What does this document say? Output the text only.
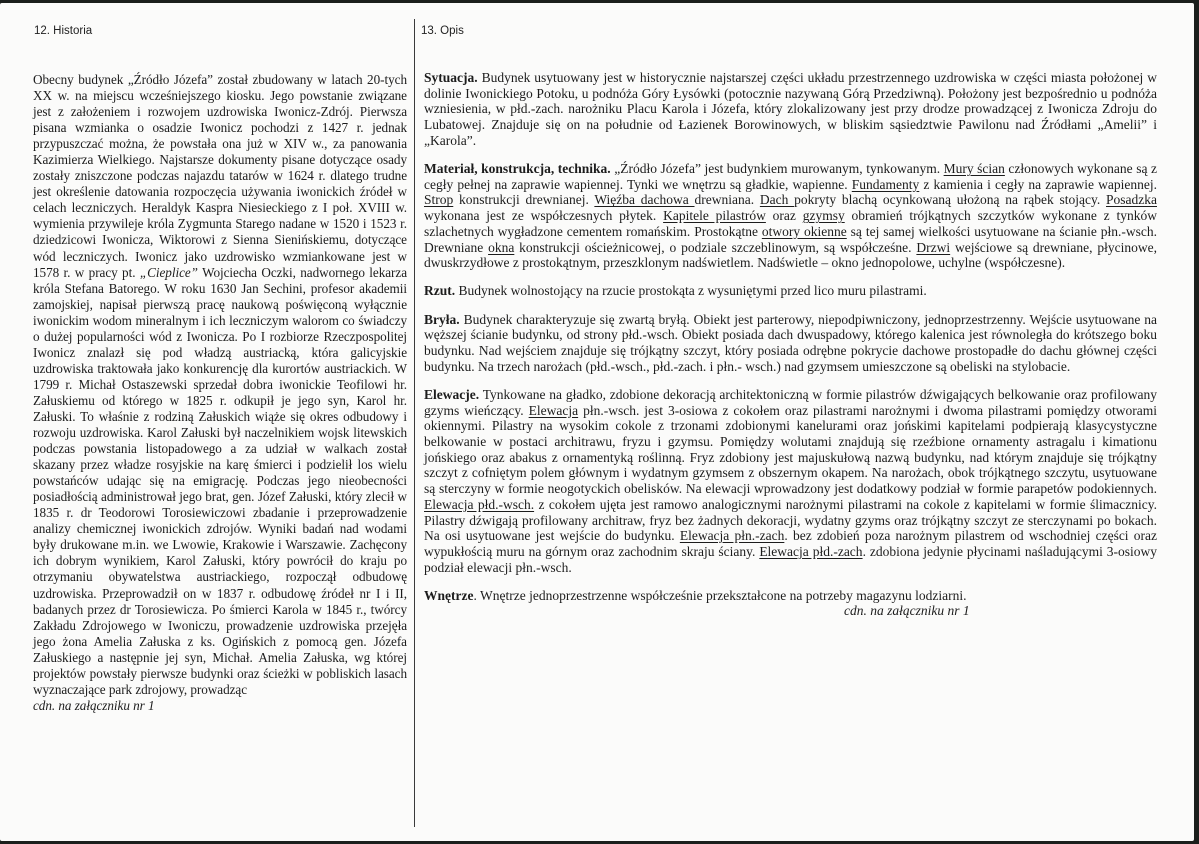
12. Historia	13. Opis

Obecny budynek „Źródło Józefa” został zbudowany w latach 20-tych XX w. na miejscu wcześniejszego kiosku. Jego powstanie związane jest z założeniem i rozwojem uzdrowiska Iwonicz-Zdrój. Pierwsza pisana wzmianka o osadzie Iwonicz pochodzi z 1427 r. jednak przypuszczać można, że powstała ona już w XIV w., za panowania Kazimierza Wielkiego. Najstarsze dokumenty pisane dotyczące osady zostały zniszczone podczas najazdu tatarów w 1624 r. dlatego trudne jest określenie datowania rozpoczęcia używania iwonickich źródeł w celach leczniczych. Heraldyk Kaspra Niesieckiego z I poł. XVIII w. wymienia przywileje króla Zygmunta Starego nadane w 1520 i 1523 r. dziedzicowi Iwonicza, Wiktorowi z Sienna Sienińskiemu, dotyczące wód leczniczych. Iwonicz jako uzdrowisko wzmiankowane jest w 1578 r. w pracy pt. „Cieplice” Wojciecha Oczki, nadwornego lekarza króla Stefana Batorego. W roku 1630 Jan Sechini, profesor akademii zamojskiej, napisał pierwszą pracę naukową poświęconą wyłącznie iwonickim wodom mineralnym i ich leczniczym walorom co świadczy o dużej popularności wód z Iwonicza. Po I rozbiorze Rzeczpospolitej Iwonicz znalazł się pod władzą austriacką, która galicyjskie uzdrowiska traktowała jako konkurencję dla kurortów austriackich. W 1799 r. Michał Ostaszewski sprzedał dobra iwonickie Teofilowi hr. Załuskiemu od którego w 1825 r. odkupił je jego syn, Karol hr. Załuski. To właśnie z rodziną Załuskich wiąże się okres odbudowy i rozwoju uzdrowiska. Karol Załuski był naczelnikiem wojsk litewskich podczas powstania listopadowego a za udział w walkach został skazany przez władze rosyjskie na karę śmierci i podzielił los wielu powstańców udając się na emigrację. Podczas jego nieobecności posiadłością administrował jego brat, gen. Józef Załuski, który zlecił w 1835 r. dr Teodorowi Torosiewiczowi zbadanie i przeprowadzenie analizy chemicznej iwonickich zdrojów. Wyniki badań nad wodami były drukowane m.in. we Lwowie, Krakowie i Warszawie. Zachęcony ich dobrym wynikiem, Karol Załuski, który powrócił do kraju po otrzymaniu obywatelstwa austriackiego, rozpoczął odbudowę uzdrowiska. Przeprowadził on w 1837 r. odbudowę źródeł nr I i II, badanych przez dr Torosiewicza. Po śmierci Karola w 1845 r., twórcy Zakładu Zdrojowego w Iwoniczu, prowadzenie uzdrowiska przejęła jego żona Amelia Załuska z ks. Ogińskich z pomocą gen. Józefa Załuskiego a następnie jej syn, Michał. Amelia Załuska, wg której projektów powstały pierwsze budynki oraz ścieżki w pobliskich lasach wyznaczające park zdrojowy, prowadząc

cdn. na załączniku nr 1

Sytuacja. Budynek usytuowany jest w historycznie najstarszej części układu przestrzennego uzdrowiska w części miasta położonej w dolinie Iwonickiego Potoku, u podnóża Góry Łysówki (potocznie nazywaną Górą Przedziwną). Położony jest bezpośrednio u podnóża wzniesienia, w płd.-zach. narożniku Placu Karola i Józefa, który zlokalizowany jest przy drodze prowadzącej z Iwonicza Zdroju do Lubatowej. Znajduje się on na południe od Łazienek Borowinowych, w bliskim sąsiedztwie Pawilonu nad Źródłami „Amelii” i „Karola”.

Materiał, konstrukcja, technika. „Źródło Józefa” jest budynkiem murowanym, tynkowanym. Mury ścian członowych wykonane są z cegły pełnej na zaprawie wapiennej. Tynki we wnętrzu są gładkie, wapienne. Fundamenty z kamienia i cegły na zaprawie wapiennej. Strop konstrukcji drewnianej. Więźba dachowa drewniana. Dach pokryty blachą ocynkowaną ułożoną na rąbek stojący. Posadzka wykonana jest ze współczesnych płytek. Kapitele pilastrów oraz gzymsy obramień trójkątnych szczytków wykonane z tynków szlachetnych wygładzone cementem romańskim. Prostokątne otwory okienne są tej samej wielkości usytuowane na ścianie płn.-wsch. Drewniane okna konstrukcji ościeżnicowej, o podziale szczeblinowym, są współcześne. Drzwi wejściowe są drewniane, płycinowe, dwuskrzydłowe z prostokątnym, przeszklonym nadświetlem. Nadświetle – okno jednopolowe, uchylne (współczesne).

Rzut. Budynek wolnostojący na rzucie prostokąta z wysuniętymi przed lico muru pilastrami.

Bryła. Budynek charakteryzuje się zwartą bryłą. Obiekt jest parterowy, niepodpiwniczony, jednoprzestrzenny. Wejście usytuowane na węższej ścianie budynku, od strony płd.-wsch. Obiekt posiada dach dwuspadowy, którego kalenica jest równoległa do krótszego boku budynku. Nad wejściem znajduje się trójkątny szczyt, który posiada odrębne pokrycie dachowe prostopadłe do dachu głównej części budynku. Na trzech narożach (płd.-wsch., płd.-zach. i płn.- wsch.) nad gzymsem umieszczone są obeliski na stylobacie.

Elewacje. Tynkowane na gładko, zdobione dekoracją architektoniczną w formie pilastrów dźwigających belkowanie oraz profilowany gzyms wieńczący. Elewacja płn.-wsch. jest 3-osiowa z cokołem oraz pilastrami narożnymi i dwoma pilastrami pomiędzy otworami okiennymi. Pilastry na wysokim cokole z trzonami zdobionymi kanelurami oraz jońskimi kapitelami podpierają klasycystyczne belkowanie w postaci architrawu, fryzu i gzymsu. Pomiędzy wolutami znajdują się rzeźbione ornamenty astragalu i kimationu jońskiego oraz abakus z ornamentyką roślinną. Fryz zdobiony jest majuskułową nazwą budynku, nad którym znajduje się trójkątny szczyt z cofniętym polem głównym i wydatnym gzymsem z obszernym okapem. Na narożach, obok trójkątnego szczytu, usytuowane są sterczyny w formie neogotyckich obelisków. Na elewacji wprowadzony jest dodatkowy podział w formie parapetów podokiennych. Elewacja płd.-wsch. z cokołem ujęta jest ramowo analogicznymi narożnymi pilastrami na cokole z kapitelami w formie ślimacznicy. Pilastry dźwigają profilowany architraw, fryz bez żadnych dekoracji, wydatny gzyms oraz trójkątny szczyt ze sterczynami po bokach. Na osi usytuowane jest wejście do budynku. Elewacja płn.-zach. bez zdobień poza narożnym pilastrem od wschodniej części oraz wypukłością muru na górnym oraz zachodnim skraju ściany. Elewacja płd.-zach. zdobiona jedynie płycinami naśladującymi 3-osiowy podział elewacji płn.-wsch.

Wnętrze. Wnętrze jednoprzestrzenne współcześnie przekształcone na potrzeby magazynu lodziarni.

cdn. na załączniku nr 1
